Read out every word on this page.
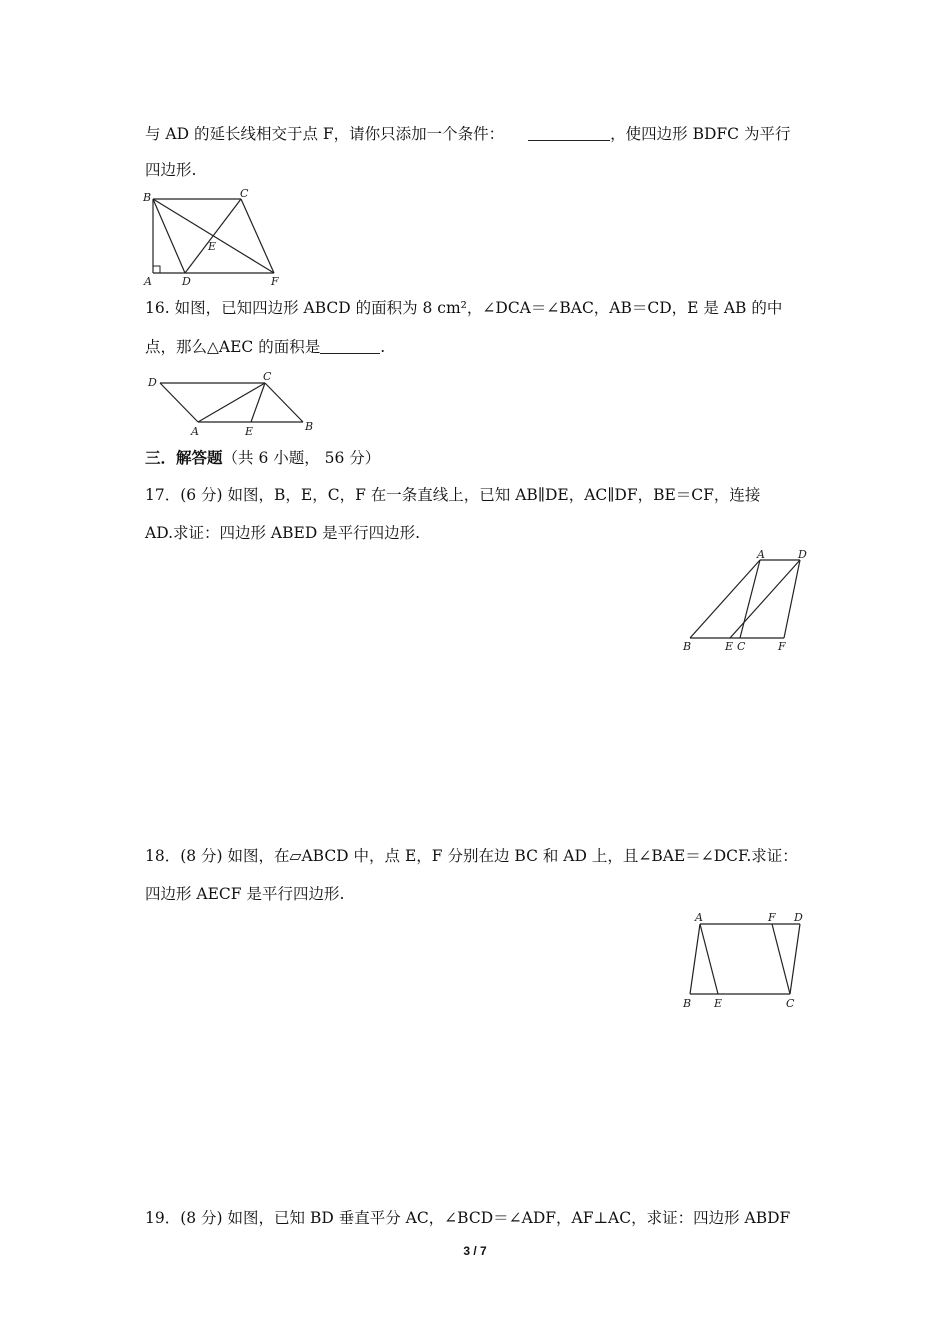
与 AD 的延长线相交于点 F，请你只添加一个条件：	，使四边形 BDFC 为平行
四边形.
B	C
E
A	D	F
16. 如图，已知四边形 ABCD 的面积为 8 cm²，∠DCA＝∠BAC，AB＝CD，E 是 AB 的中
点，那么△AEC 的面积是	.
D	C
A	E	B
三．解答题（共 6 小题， 56 分）
17．(6 分) 如图，B，E，C，F 在一条直线上，已知 AB∥DE，AC∥DF，BE＝CF，连接
AD.求证：四边形 ABED 是平行四边形.
A	D
B	E C	F
18．(8 分) 如图，在▱ABCD 中，点 E，F 分别在边 BC 和 AD 上，且∠BAE＝∠DCF.求证：
四边形 AECF 是平行四边形.
A	F D
B E	C
19．(8 分) 如图，已知 BD 垂直平分 AC，∠BCD＝∠ADF，AF⊥AC，求证：四边形 ABDF
3 / 7
